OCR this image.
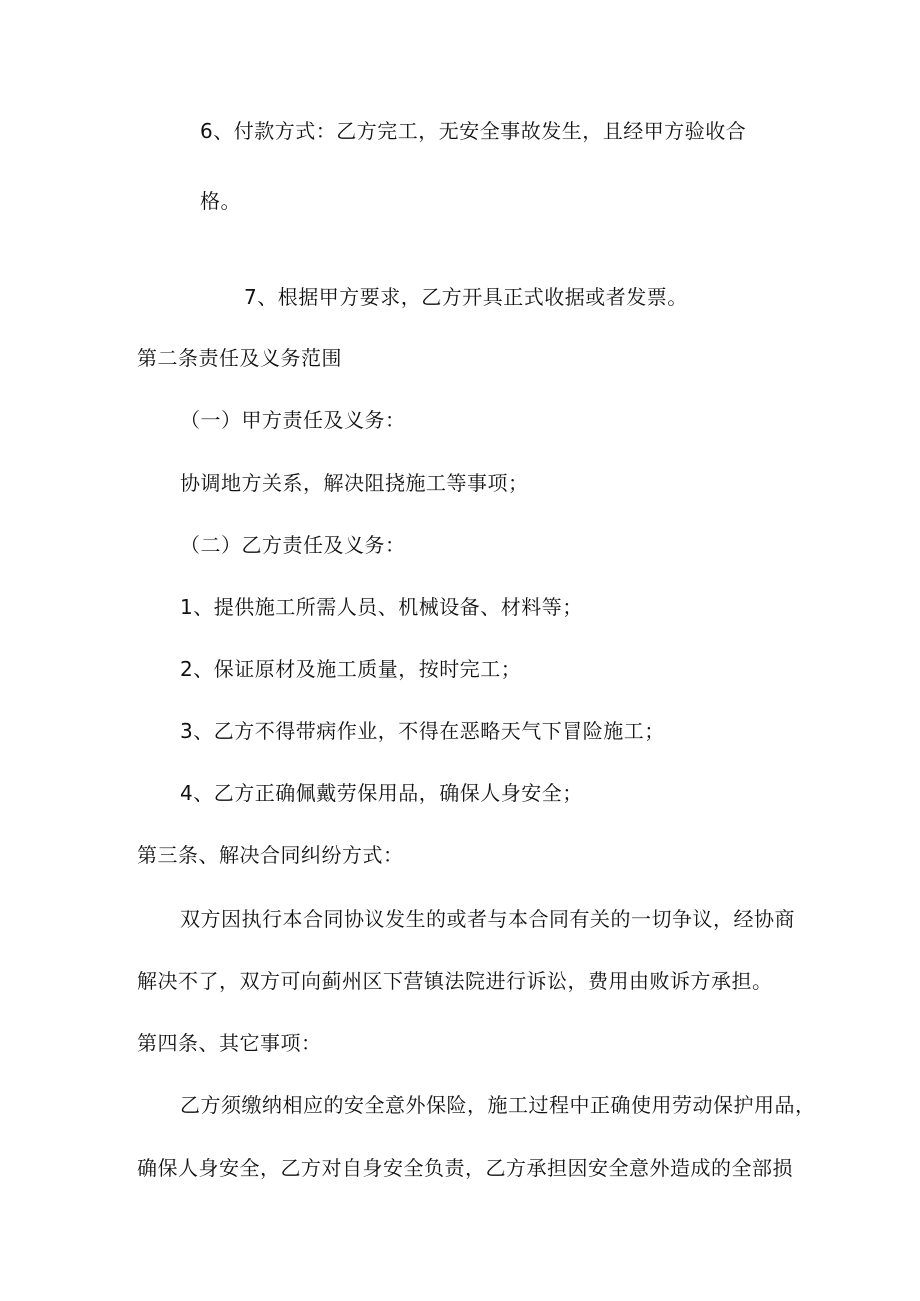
6、付款方式：乙方完工，无安全事故发生，且经甲方验收合
格。
7、根据甲方要求，乙方开具正式收据或者发票。
第二条责任及义务范围
（一）甲方责任及义务：
协调地方关系，解决阻挠施工等事项；
（二）乙方责任及义务：
1、提供施工所需人员、机械设备、材料等；
2、保证原材及施工质量，按时完工；
3、乙方不得带病作业，不得在恶略天气下冒险施工；
4、乙方正确佩戴劳保用品，确保人身安全；
第三条、解决合同纠纷方式：
双方因执行本合同协议发生的或者与本合同有关的一切争议，经协商
解决不了，双方可向蓟州区下营镇法院进行诉讼，费用由败诉方承担。
第四条、其它事项：
乙方须缴纳相应的安全意外保险，施工过程中正确使用劳动保护用品，
确保人身安全，乙方对自身安全负责，乙方承担因安全意外造成的全部损
